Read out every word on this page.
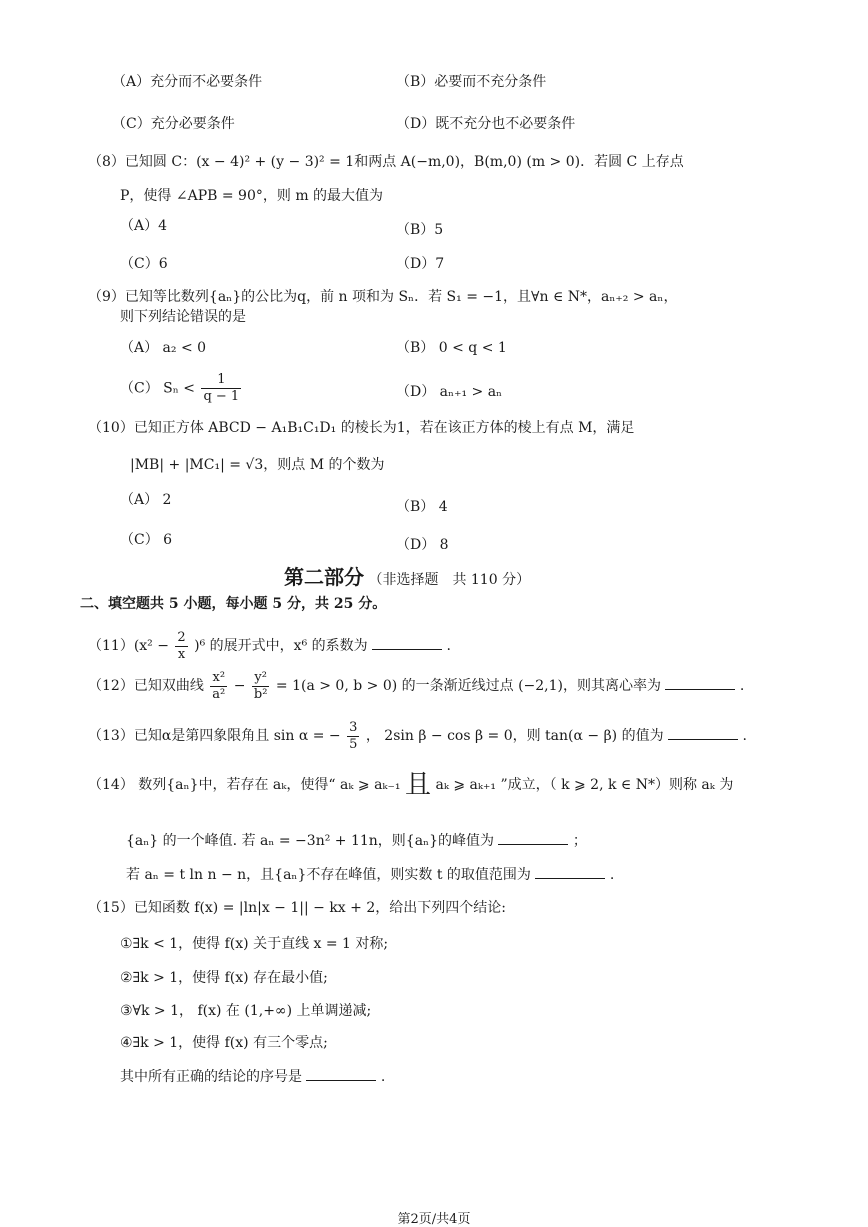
（A）充分而不必要条件	（B）必要而不充分条件
（C）充分必要条件	（D）既不充分也不必要条件
（8）已知圆 C：(x − 4)² + (y − 3)² = 1和两点 A(−m,0)，B(m,0) (m > 0)．若圆 C 上存点
P，使得 ∠APB = 90°，则 m 的最大值为
（A）4	（B）5
（C）6	（D）7
（9）已知等比数列{aₙ}的公比为q，前 n 项和为 Sₙ．若 S₁ = −1，且∀n ∈ N*，aₙ₊₂ > aₙ，
则下列结论错误的是
（A） a₂ < 0	（B） 0 < q < 1
（C） $S_n < \frac{1}{q - 1}$	（D） aₙ₊₁ > aₙ
（10）已知正方体 ABCD − A₁B₁C₁D₁ 的棱长为1，若在该正方体的棱上有点 M，满足
|MB| + |MC₁| = √3，则点 M 的个数为
（A） 2	（B） 4
（C） 6	（D） 8
第二部分 （非选择题　共 110 分）
二、填空题共 5 小题，每小题 5 分，共 25 分。
$(11)(x^2 - \frac{2}{x} )^6$ 的展开式中，x⁶ 的系数为	.
（12）已知双曲线 $\frac{\text{x²}}{\text{a²}} - \frac{\text{y²}}{\text{b²}} = 1(a > 0$, b > 0) 的一条渐近线过点 (−2,1)，则其离心率为	.
（13）已知α是第四象限角且 sin α = − $\frac{3}{5}$ ， 2sin β − cos β = 0，则 tan(α − β) 的值为	.
（14） 数列{aₙ}中，若存在 aₖ，使得“ aₖ ⩾ aₖ₋₁ 且 aₖ ⩾ aₖ₊₁ ”成立，（ k ⩾ 2, k ∈ N*）则称 aₖ 为
{aₙ} 的一个峰值. 若 aₙ = −3n² + 11n，则{aₙ}的峰值为	；
若 aₙ = t ln n − n，且{aₙ}不存在峰值，则实数 t 的取值范围为	.
（15）已知函数 f(x) = |ln|x − 1|| − kx + 2，给出下列四个结论:
①∃k < 1，使得 f(x) 关于直线 x = 1 对称;
②∃k > 1，使得 f(x) 存在最小值;
③∀k > 1， f(x) 在 (1,+∞) 上单调递减;
④∃k > 1，使得 f(x) 有三个零点;
其中所有正确的结论的序号是	.
第2页/共4页
